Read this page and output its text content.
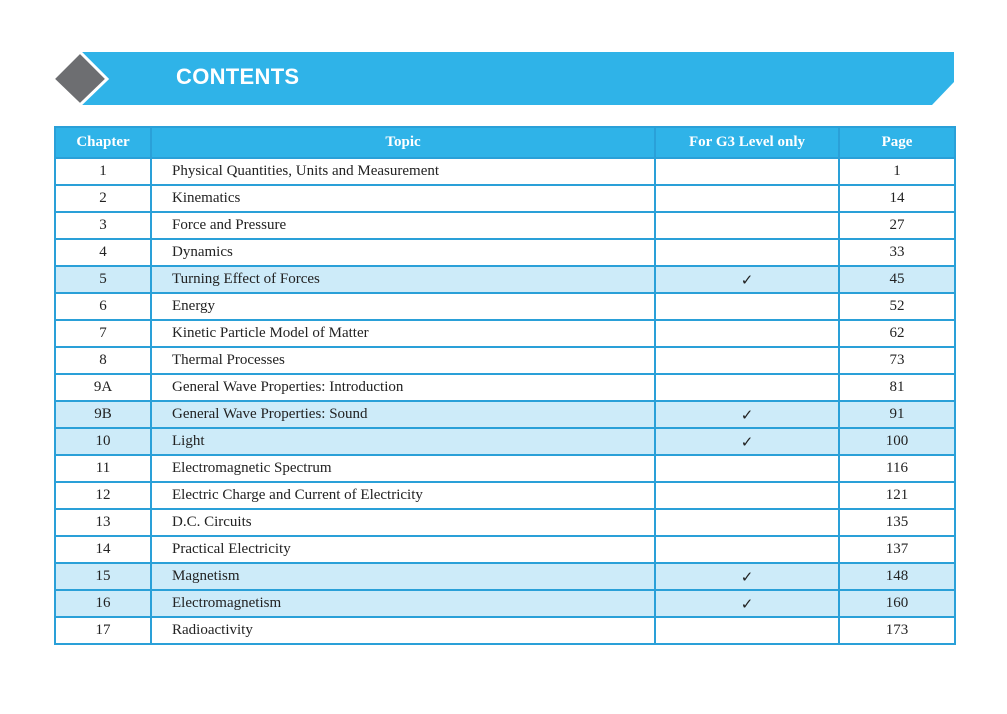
CONTENTS
Chapter	Topic	For G3 Level only	Page
1	Physical Quantities, Units and Measurement		1
2	Kinematics		14
3	Force and Pressure		27
4	Dynamics		33
5	Turning Effect of Forces	✓	45
6	Energy		52
7	Kinetic Particle Model of Matter		62
8	Thermal Processes		73
9A	General Wave Properties: Introduction		81
9B	General Wave Properties: Sound	✓	91
10	Light	✓	100
11	Electromagnetic Spectrum		116
12	Electric Charge and Current of Electricity		121
13	D.C. Circuits		135
14	Practical Electricity		137
15	Magnetism	✓	148
16	Electromagnetism	✓	160
17	Radioactivity		173
